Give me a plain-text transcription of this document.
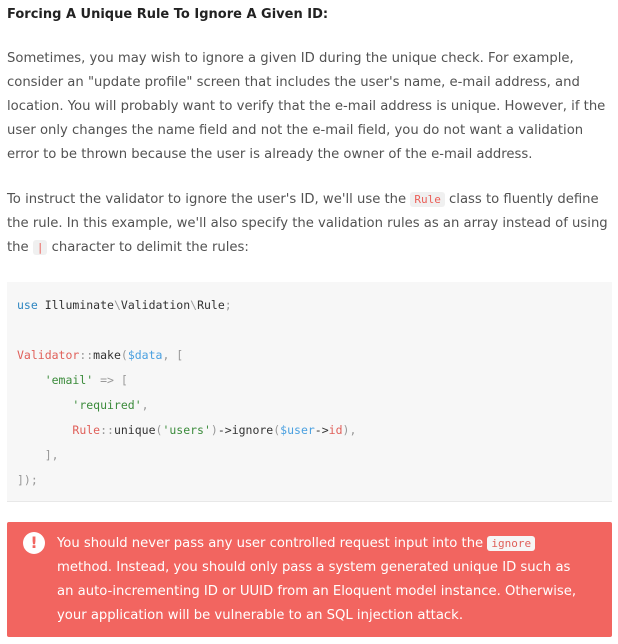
Forcing A Unique Rule To Ignore A Given ID:

Sometimes, you may wish to ignore a given ID during the unique check. For example, consider an "update profile" screen that includes the user's name, e-mail address, and location. You will probably want to verify that the e-mail address is unique. However, if the user only changes the name field and not the e-mail field, you do not want a validation error to be thrown because the user is already the owner of the e-mail address.

To instruct the validator to ignore the user's ID, we'll use the Rule class to fluently define the rule. In this example, we'll also specify the validation rules as an array instead of using the | character to delimit the rules:

use Illuminate\Validation\Rule;

Validator::make($data, [
'email' => [
'required',
Rule::unique('users')->ignore($user->id),
],
]);
!	You should never pass any user controlled request input into the ignore method. Instead, you should only pass a system generated unique ID such as an auto-incrementing ID or UUID from an Eloquent model instance. Otherwise, your application will be vulnerable to an SQL injection attack.
